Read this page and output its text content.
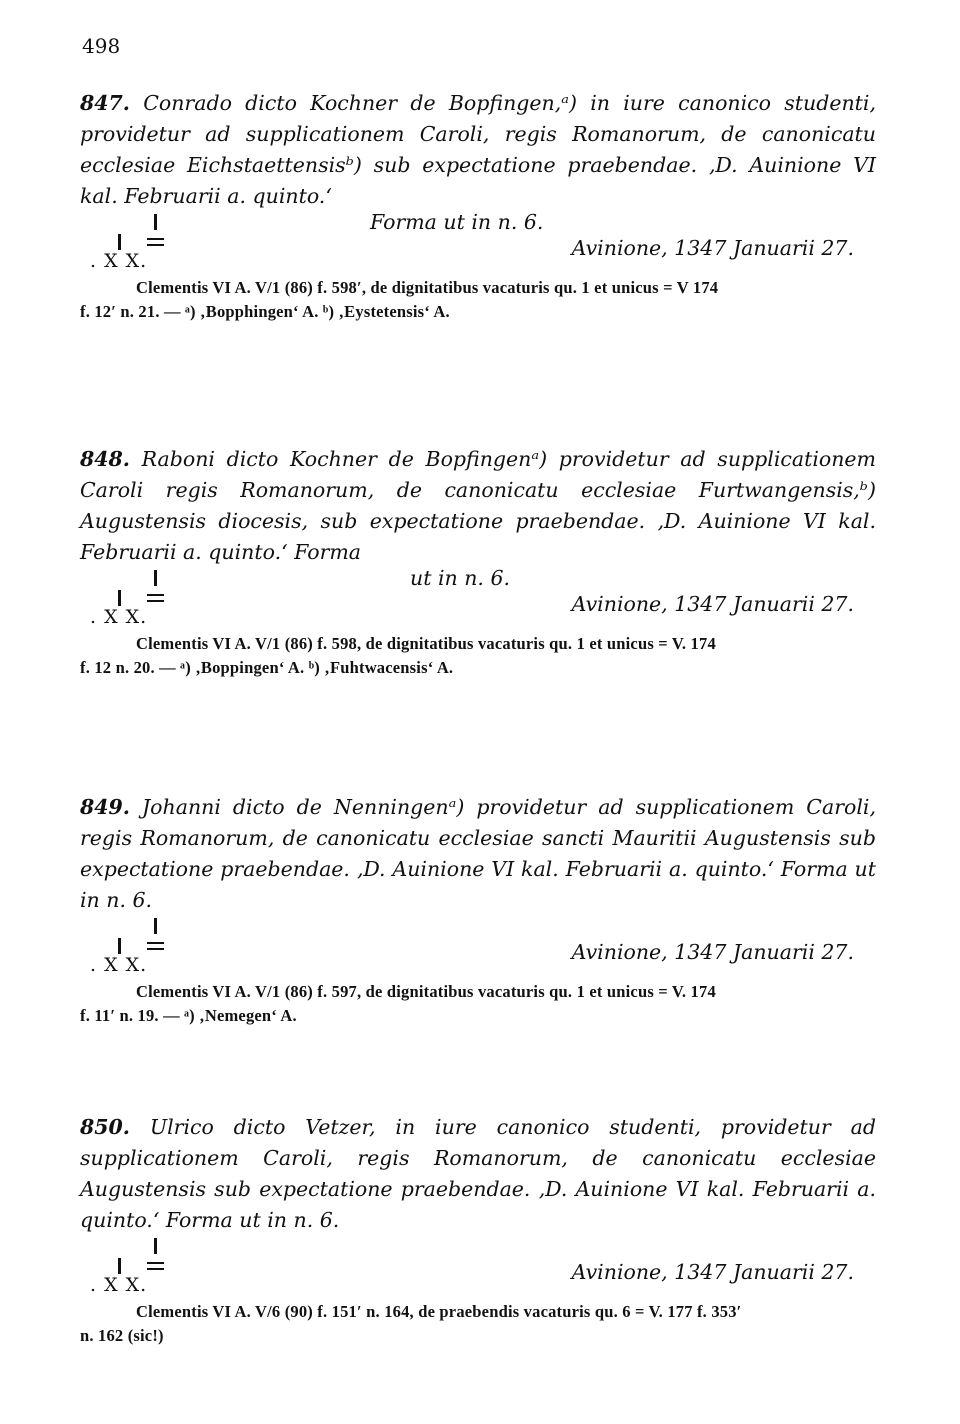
498

847. Conrado dicto Kochner de Bopfingen,ᵃ) in iure canonico studenti, providetur ad supplicationem Caroli, regis Romanorum, de canonicatu ecclesiae Eichstaettensisᵇ) sub expectatione praebendae. ‚D. Auinione VI kal. Februarii a. quinto.‘

Forma ut in n. 6.
. X X.
Avinione, 1347 Januarii 27.

Clementis VI A. V/1 (86) f. 598′, de dignitatibus vacaturis qu. 1 et unicus = V 174

f. 12′ n. 21. — ᵃ) ‚Bopphingen‘ A. ᵇ) ‚Eystetensis‘ A.

848. Raboni dicto Kochner de Bopfingenᵃ) providetur ad supplicationem Caroli regis Romanorum, de canonicatu ecclesiae Furtwangensis,ᵇ) Augustensis diocesis, sub expectatione praebendae. ‚D. Auinione VI kal. Februarii a. quinto.‘ Forma

ut in n. 6.
. X X.
Avinione, 1347 Januarii 27.

Clementis VI A. V/1 (86) f. 598, de dignitatibus vacaturis qu. 1 et unicus = V. 174

f. 12 n. 20. — ᵃ) ‚Boppingen‘ A. ᵇ) ‚Fuhtwacensis‘ A.

849. Johanni dicto de Nenningenᵃ) providetur ad supplicationem Caroli, regis Romanorum, de canonicatu ecclesiae sancti Mauritii Augustensis sub expectatione praebendae. ‚D. Auinione VI kal. Februarii a. quinto.‘ Forma ut in n. 6.

. X X.
Avinione, 1347 Januarii 27.

Clementis VI A. V/1 (86) f. 597, de dignitatibus vacaturis qu. 1 et unicus = V. 174

f. 11′ n. 19. — ᵃ) ‚Nemegen‘ A.

850. Ulrico dicto Vetzer, in iure canonico studenti, providetur ad supplicationem Caroli, regis Romanorum, de canonicatu ecclesiae Augustensis sub expectatione praebendae. ‚D. Auinione VI kal. Februarii a. quinto.‘ Forma ut in n. 6.

. X X.
Avinione, 1347 Januarii 27.

Clementis VI A. V/6 (90) f. 151′ n. 164, de praebendis vacaturis qu. 6 = V. 177 f. 353′

n. 162 (sic!)
